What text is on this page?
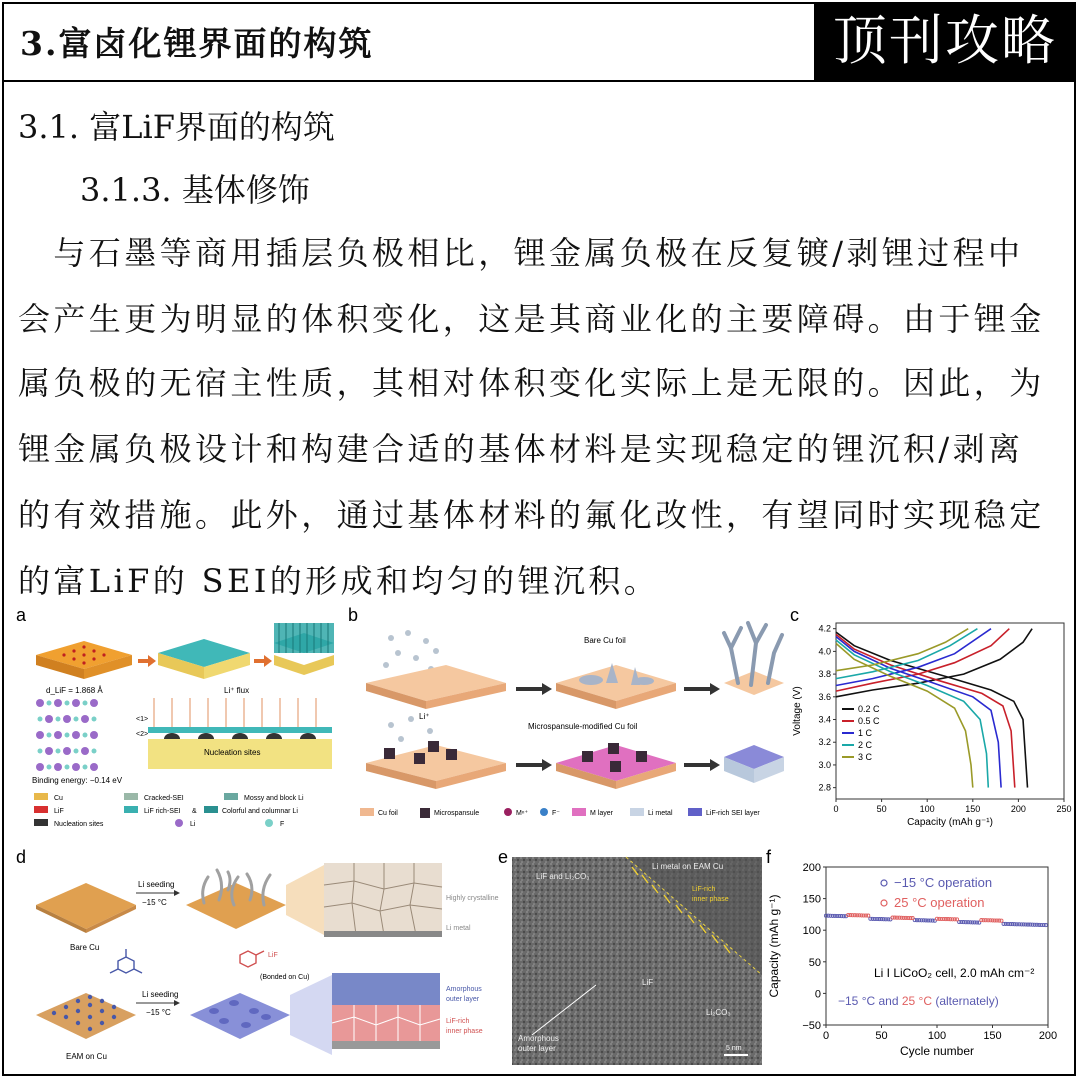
3.富卤化锂界面的构筑	顶刊攻略
3.1. 富LiF界面的构筑
3.1.3. 基体修饰
　与石墨等商用插层负极相比，锂金属负极在反复镀/剥锂过程中
会产生更为明显的体积变化，这是其商业化的主要障碍。由于锂金
属负极的无宿主性质，其相对体积变化实际上是无限的。因此，为
锂金属负极设计和构建合适的基体材料是实现稳定的锂沉积/剥离
的有效措施。此外，通过基体材料的氟化改性，有望同时实现稳定
的富LiF的 SEI的形成和均匀的锂沉积。
a
d_LiF = 1.868 Å
Binding energy: −0.14 eV
Li⁺ flux
<1>
<2>
Nucleation sites
Cu	Cracked-SEI	Mossy and block Li
LiF	LiF rich-SEI &	Colorful and columnar Li
Nucleation sites	Li	F
b
Li⁺
Bare Cu foil
Microspansule-modified Cu foil
Cu foil	Microspansule	Mⁿ⁺	F⁻	M layer	Li metal	LiF-rich SEI layer
c
0	50	100	150	200	250
2.8
3.0
3.2
3.4
3.6
3.8
4.0
4.2
Capacity (mAh g⁻¹)
Voltage (V)	0.2 C
0.5 C
1 C
2 C
3 C
d
Bare Cu
Li seeding
−15 °C	Highly crystalline
Li metal
EAM on Cu
Li seeding
−15 °C
LiF
(Bonded on Cu)
Amorphous
outer layer
LiF-rich
inner phase
e	Li metal on EAM Cu
LiF-rich
inner phase
LiF and Li₂CO₃
LiF
Li₂CO₃
Amorphous
outer layer	5 nm
f
Li I LiCoO₂ cell, 2.0 mAh cm⁻²
−15 °C and 25 °C (alternately)
−15 °C operation
25 °C operation
0	50	100	150	200
−50
0
50
100
150
200
Cycle number
Capacity (mAh g⁻¹)
